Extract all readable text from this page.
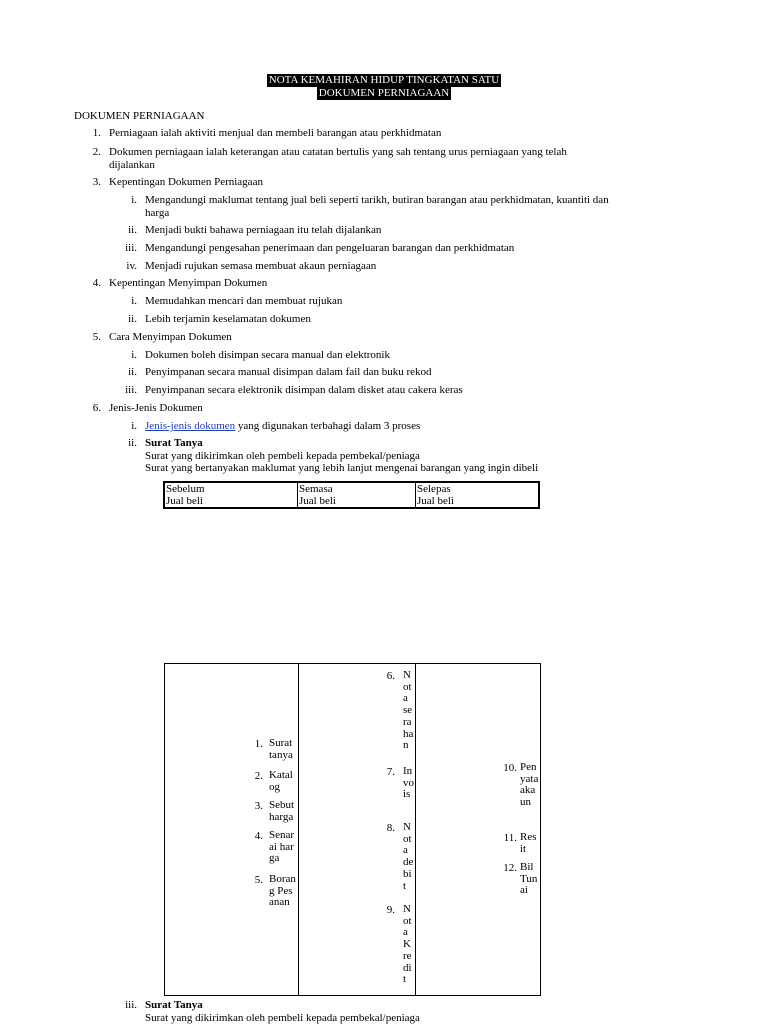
NOTA KEMAHIRAN HIDUP TINGKATAN SATU
DOKUMEN PERNIAGAAN
DOKUMEN PERNIAGAAN
1. Perniagaan ialah aktiviti menjual dan membeli barangan atau perkhidmatan
2. Dokumen perniagaan ialah keterangan atau catatan bertulis yang sah tentang urus perniagaan yang telah dijalankan
3. Kepentingan Dokumen Perniagaan
i. Mengandungi maklumat tentang jual beli seperti tarikh, butiran barangan atau perkhidmatan, kuantiti dan harga
ii. Menjadi bukti bahawa perniagaan itu telah dijalankan
iii. Mengandungi pengesahan penerimaan dan pengeluaran barangan dan perkhidmatan
iv. Menjadi rujukan semasa membuat akaun perniagaan
4. Kepentingan Menyimpan Dokumen
i. Memudahkan mencari dan membuat rujukan
ii. Lebih terjamin keselamatan dokumen
5. Cara Menyimpan Dokumen
i. Dokumen boleh disimpan secara manual dan elektronik
ii. Penyimpanan secara manual disimpan dalam fail dan buku rekod
iii. Penyimpanan secara elektronik disimpan dalam disket atau cakera keras
6. Jenis-Jenis Dokumen
i. Jenis-jenis dokumen yang digunakan terbahagi dalam 3 proses
ii. Surat Tanya
Surat yang dikirimkan oleh pembeli kepada pembekal/peniaga
Surat yang bertanyakan maklumat yang lebih lanjut mengenai barangan yang ingin dibeli
Sebelum
Jual beli
Semasa
Jual beli
Selepas
Jual beli
1. Surat tanya
2. Katalog
3. Sebut harga
4. Senarai harga
5. Borang Pesanan
6. Nota serahan
7. Invois
8. Nota debit
9. Nota Kredit
10. Penyata akaun
11. Resit
12. Bil Tunai
iii. Surat Tanya
Surat yang dikirimkan oleh pembeli kepada pembekal/peniaga
